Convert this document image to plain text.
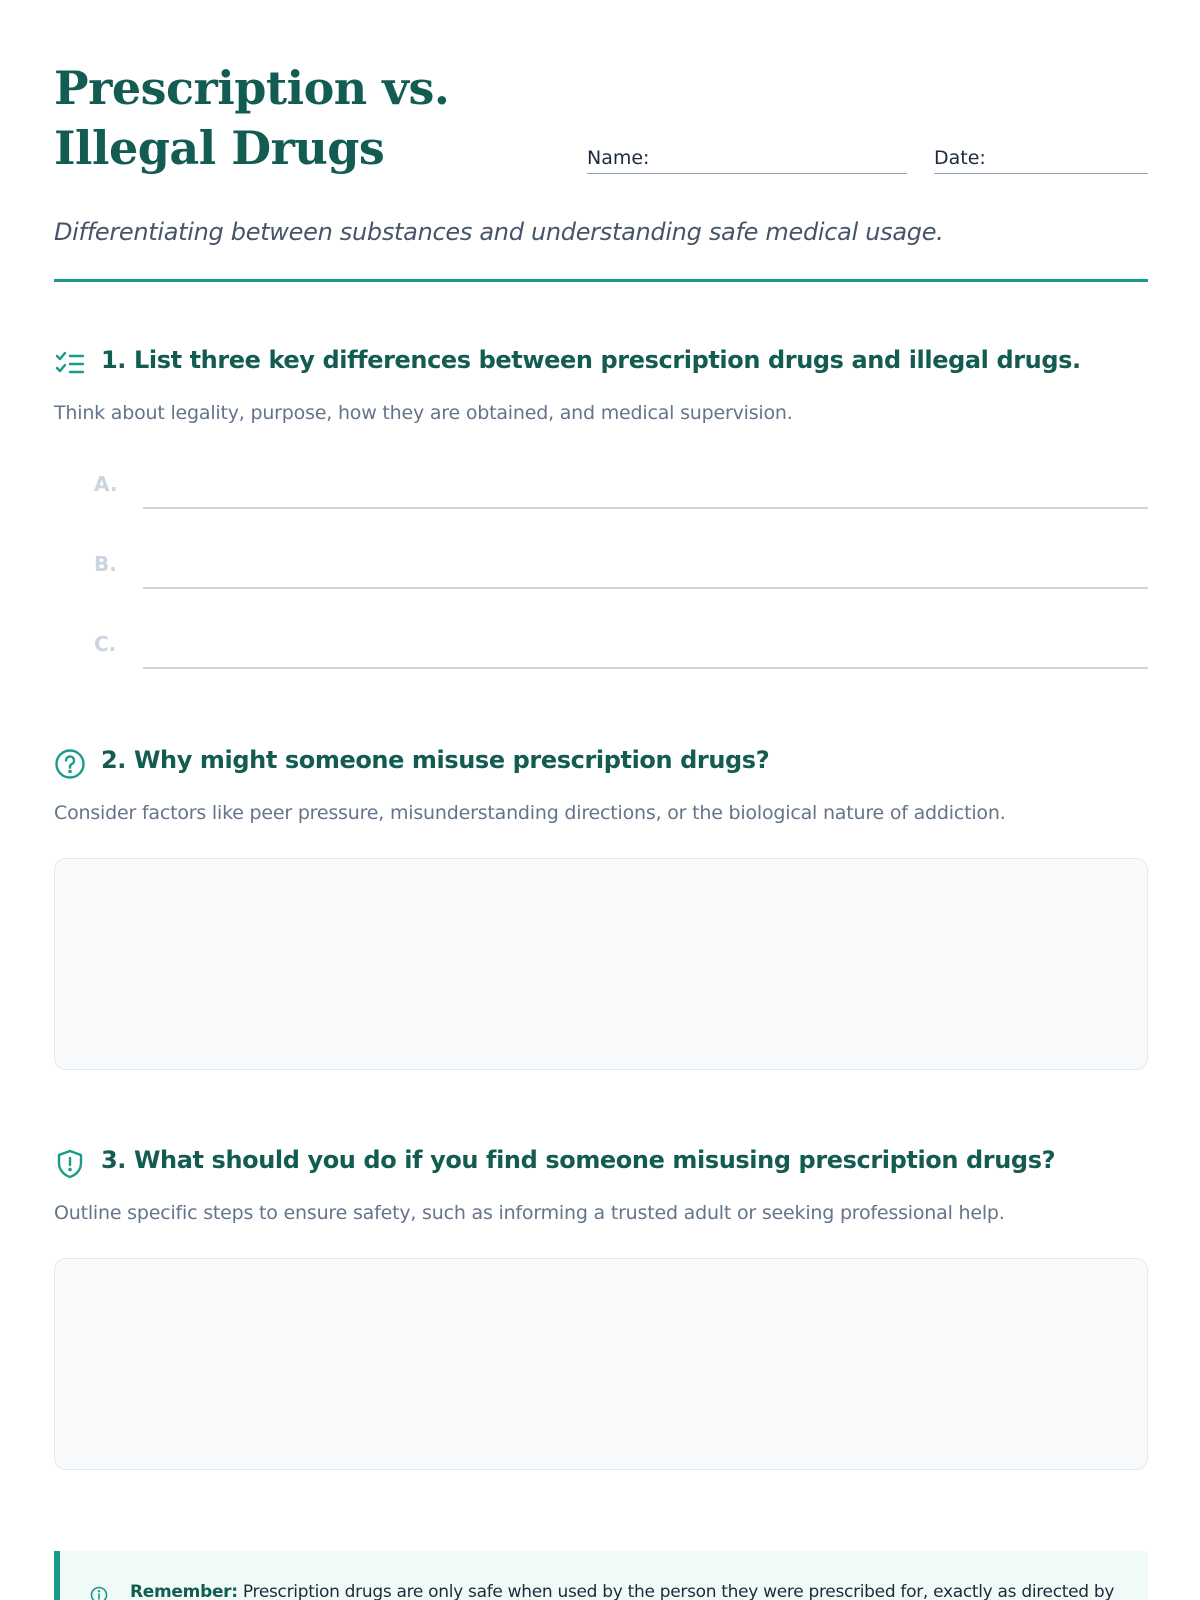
Prescription vs.
Illegal Drugs	Name:	Date:
Differentiating between substances and understanding safe medical usage.
1. List three key differences between prescription drugs and illegal drugs.
Think about legality, purpose, how they are obtained, and medical supervision.
A.
B.
C.
2. Why might someone misuse prescription drugs?
Consider factors like peer pressure, misunderstanding directions, or the biological nature of addiction.
3. What should you do if you find someone misusing prescription drugs?
Outline specific steps to ensure safety, such as informing a trusted adult or seeking professional help.
Remember: Prescription drugs are only safe when used by the person they were prescribed for, exactly as directed by
